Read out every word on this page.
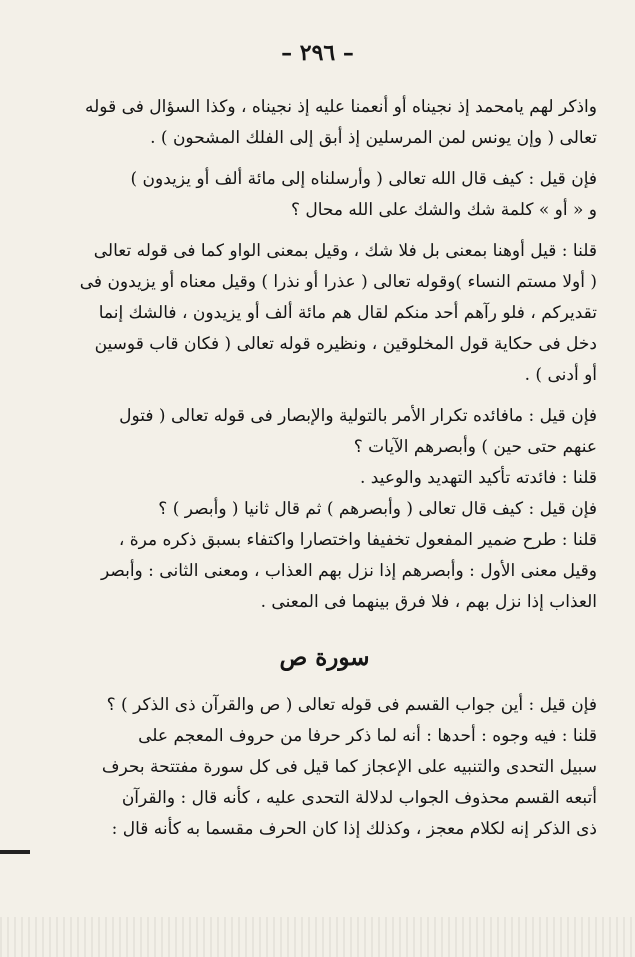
– ٢٩٦ –
واذكر لهم يامحمد إذ نجيناه أو أنعمنا عليه إذ نجيناه ، وكذا السؤال فى قوله
تعالى ( وإن يونس لمن المرسلين إذ أبق إلى الفلك المشحون ) .
فإن قيل : كيف قال الله تعالى ( وأرسلناه إلى مائة ألف أو يزيدون )
و « أو » كلمة شك والشك على الله محال ؟
قلنا : قيل أوهنا بمعنى بل فلا شك ، وقيل بمعنى الواو كما فى قوله تعالى
( أولا مستم النساء )وقوله تعالى ( عذرا أو نذرا ) وقيل معناه أو يزيدون فى
تقديركم ، فلو رآهم أحد منكم لقال هم مائة ألف أو يزيدون ، فالشك إنما
دخل فى حكاية قول المخلوقين ، ونظيره قوله تعالى ( فكان قاب قوسين
أو أدنى ) .
فإن قيل : مافائده تكرار الأمر بالتولية والإبصار فى قوله تعالى ( فتول
عنهم حتى حين ) وأبصرهم الآيات ؟
قلنا : فائدته تأكيد التهديد والوعيد .
فإن قيل : كيف قال تعالى ( وأبصرهم ) ثم قال ثانيا ( وأبصر ) ؟
قلنا : طرح ضمير المفعول تخفيفا واختصارا واكتفاء بسبق ذكره مرة ،
وقيل معنى الأول : وأبصرهم إذا نزل بهم العذاب ، ومعنى الثانى : وأبصر
العذاب إذا نزل بهم ، فلا فرق بينهما فى المعنى .
سورة ص
فإن قيل : أين جواب القسم فى قوله تعالى ( ص والقرآن ذى الذكر ) ؟
قلنا : فيه وجوه : أحدها : أنه لما ذكر حرفا من حروف المعجم على
سبيل التحدى والتنبيه على الإعجاز كما قيل فى كل سورة مفتتحة بحرف
أتبعه القسم محذوف الجواب لدلالة التحدى عليه ، كأنه قال : والقرآن
ذى الذكر إنه لكلام معجز ، وكذلك إذا كان الحرف مقسما به كأنه قال :
